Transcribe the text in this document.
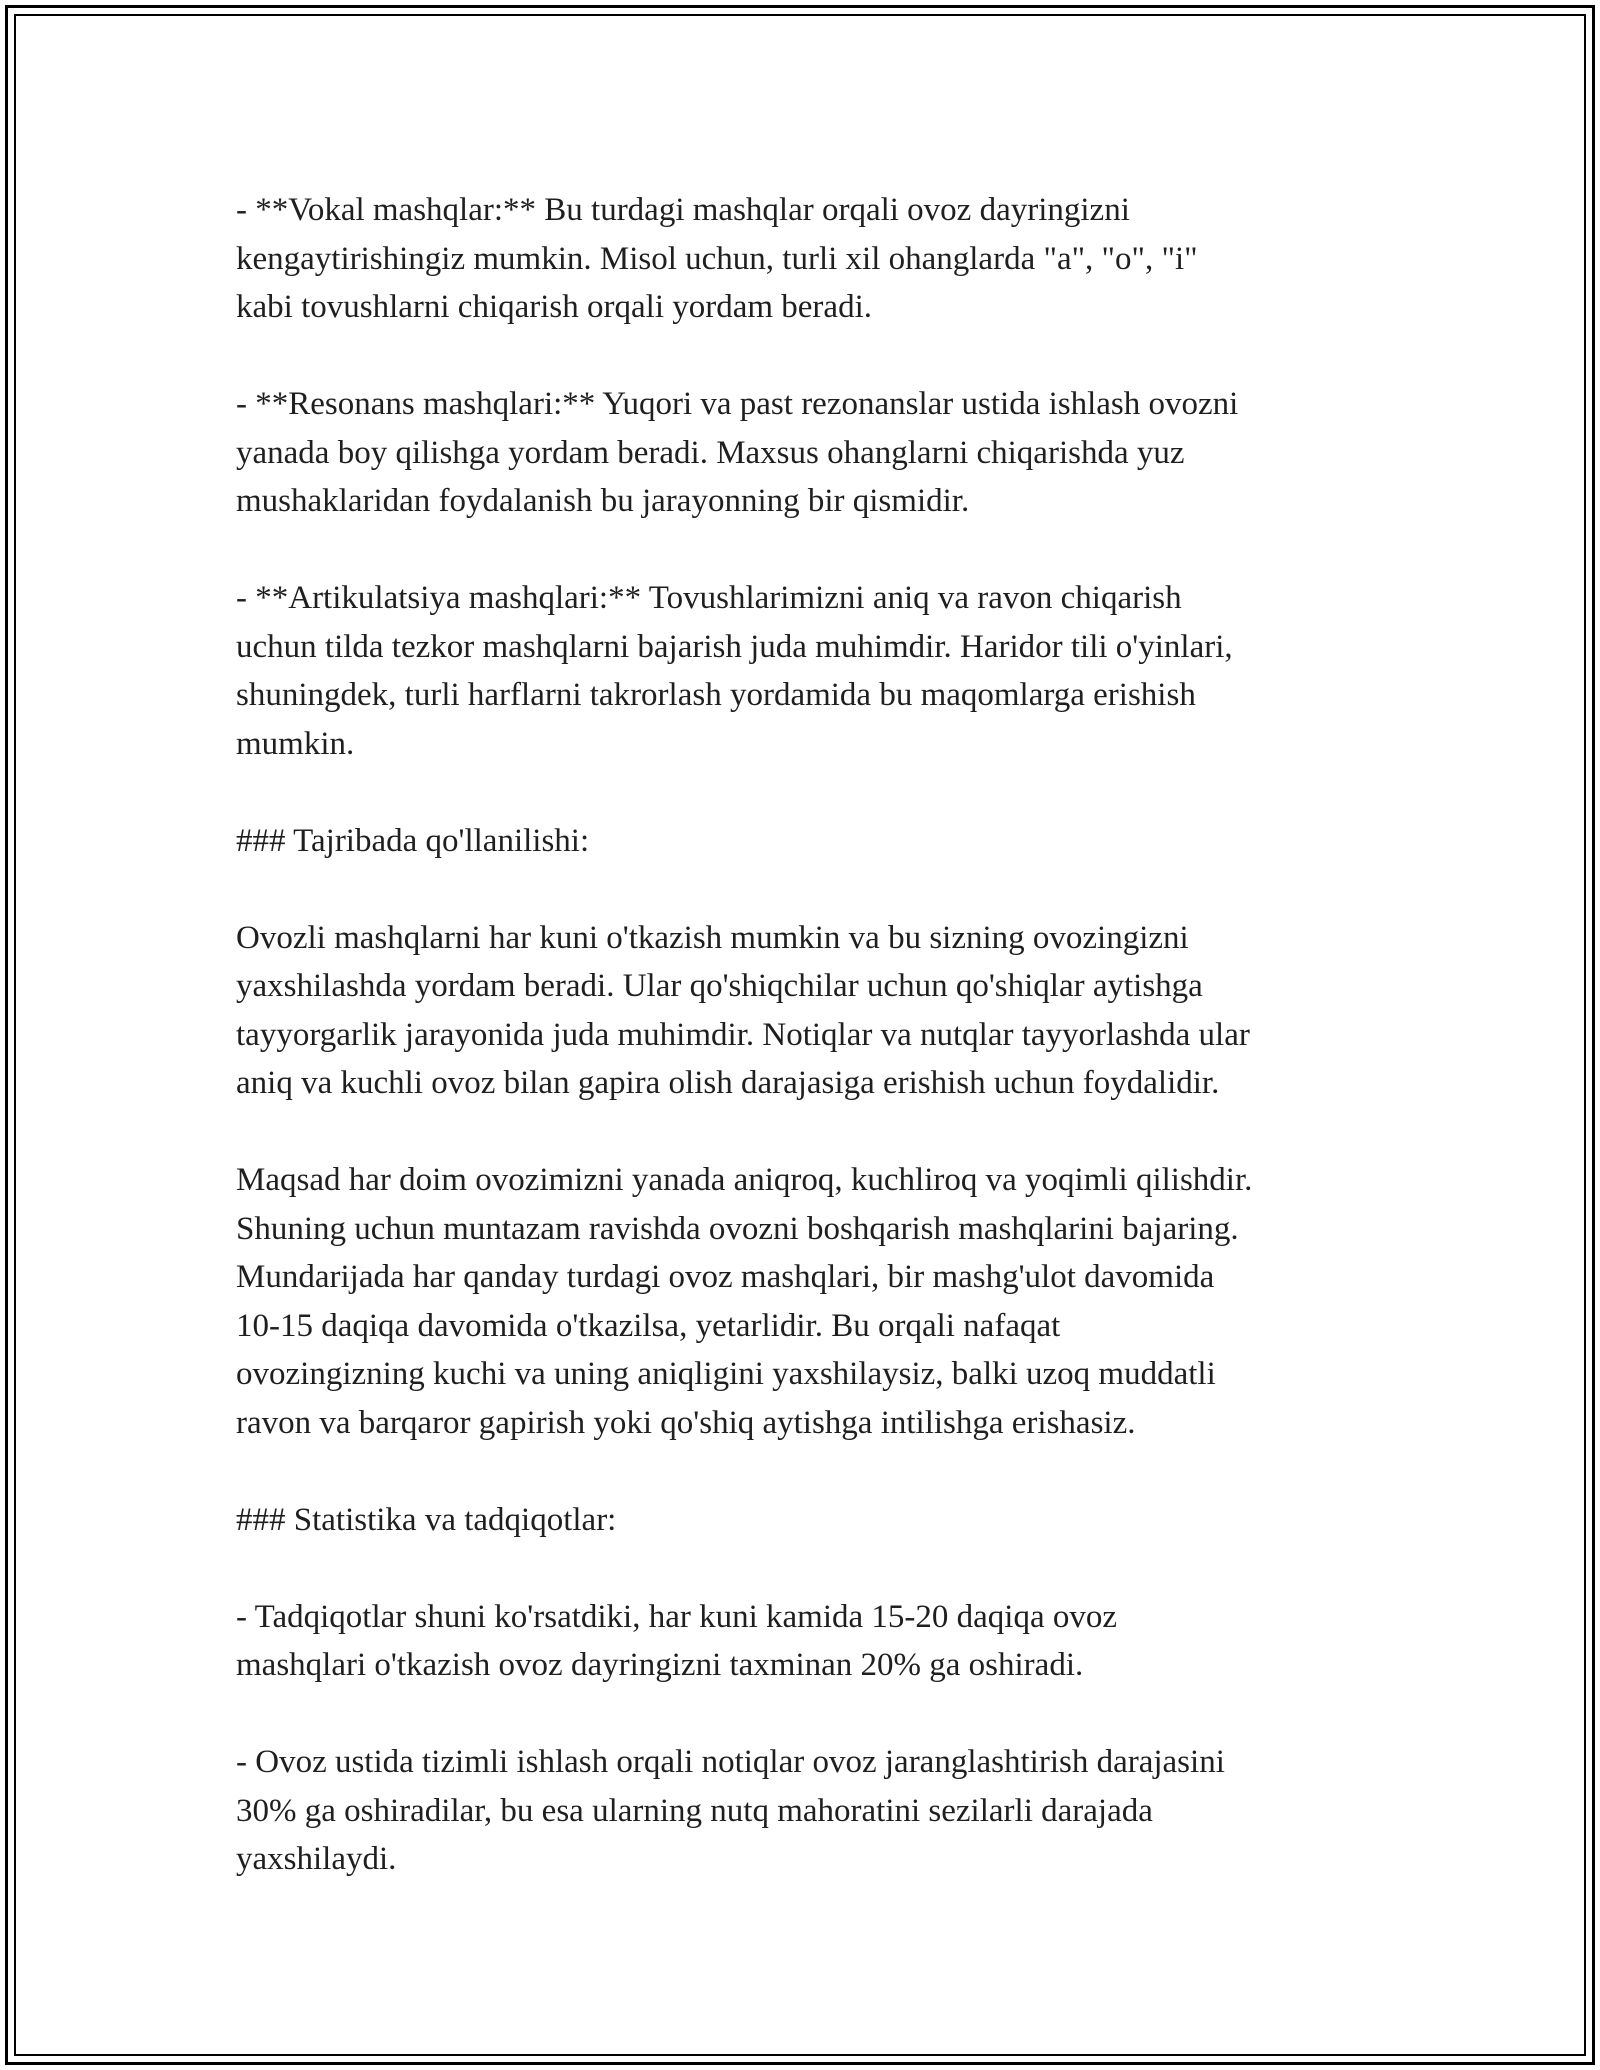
- **Vokal mashqlar:** Bu turdagi mashqlar orqali ovoz dayringizni
kengaytirishingiz mumkin. Misol uchun, turli xil ohanglarda "a", "o", "i"
kabi tovushlarni chiqarish orqali yordam beradi.

- **Resonans mashqlari:** Yuqori va past rezonanslar ustida ishlash ovozni
yanada boy qilishga yordam beradi. Maxsus ohanglarni chiqarishda yuz
mushaklaridan foydalanish bu jarayonning bir qismidir.

- **Artikulatsiya mashqlari:** Tovushlarimizni aniq va ravon chiqarish
uchun tilda tezkor mashqlarni bajarish juda muhimdir. Haridor tili o'yinlari,
shuningdek, turli harflarni takrorlash yordamida bu maqomlarga erishish
mumkin.

### Tajribada qo'llanilishi:

Ovozli mashqlarni har kuni o'tkazish mumkin va bu sizning ovozingizni
yaxshilashda yordam beradi. Ular qo'shiqchilar uchun qo'shiqlar aytishga
tayyorgarlik jarayonida juda muhimdir. Notiqlar va nutqlar tayyorlashda ular
aniq va kuchli ovoz bilan gapira olish darajasiga erishish uchun foydalidir.

Maqsad har doim ovozimizni yanada aniqroq, kuchliroq va yoqimli qilishdir.
Shuning uchun muntazam ravishda ovozni boshqarish mashqlarini bajaring.
Mundarijada har qanday turdagi ovoz mashqlari, bir mashg'ulot davomida
10-15 daqiqa davomida o'tkazilsa, yetarlidir. Bu orqali nafaqat
ovozingizning kuchi va uning aniqligini yaxshilaysiz, balki uzoq muddatli
ravon va barqaror gapirish yoki qo'shiq aytishga intilishga erishasiz.

### Statistika va tadqiqotlar:

- Tadqiqotlar shuni ko'rsatdiki, har kuni kamida 15-20 daqiqa ovoz
mashqlari o'tkazish ovoz dayringizni taxminan 20% ga oshiradi.

- Ovoz ustida tizimli ishlash orqali notiqlar ovoz jaranglashtirish darajasini
30% ga oshiradilar, bu esa ularning nutq mahoratini sezilarli darajada
yaxshilaydi.
